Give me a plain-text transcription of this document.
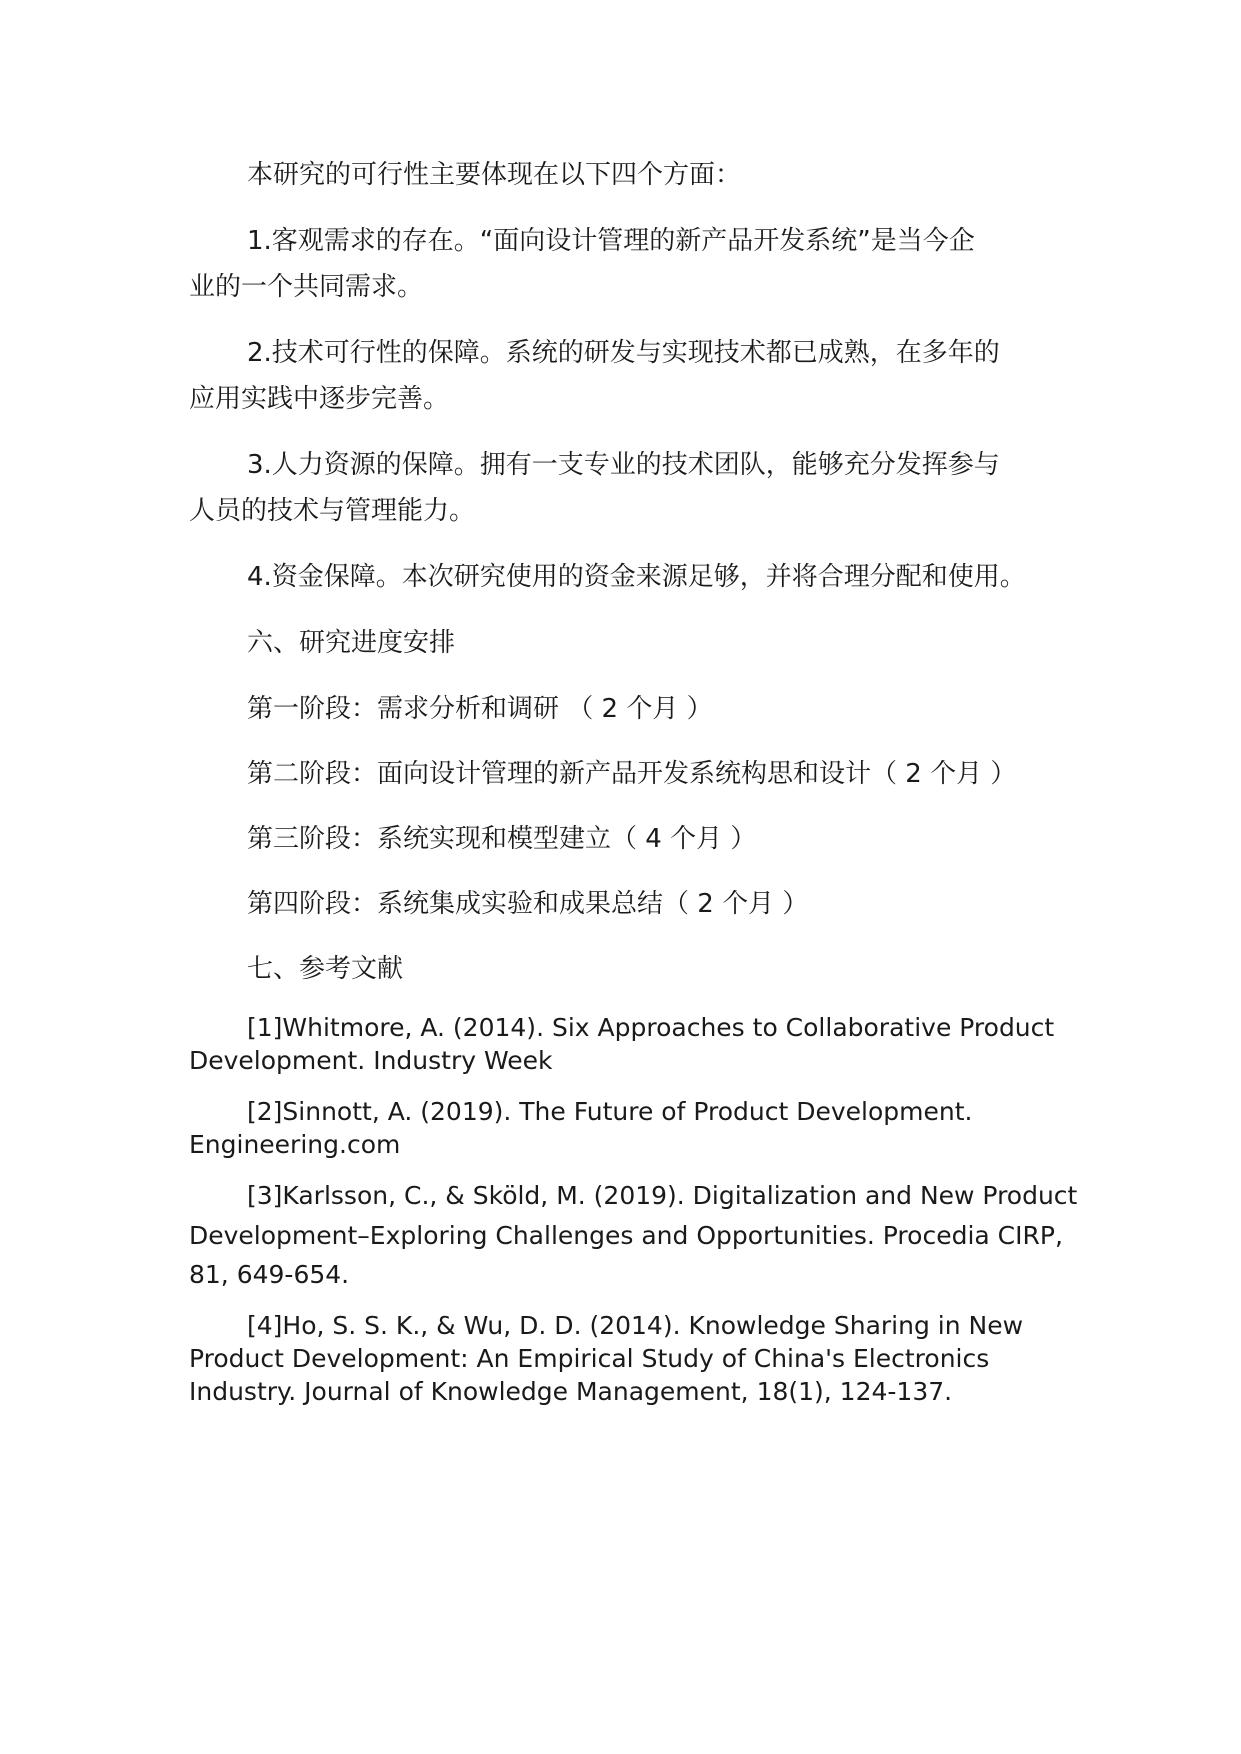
本研究的可行性主要体现在以下四个方面：

1.客观需求的存在。“面向设计管理的新产品开发系统”是当今企

业的一个共同需求。

2.技术可行性的保障。系统的研发与实现技术都已成熟，在多年的

应用实践中逐步完善。

3.人力资源的保障。拥有一支专业的技术团队，能够充分发挥参与

人员的技术与管理能力。

4.资金保障。本次研究使用的资金来源足够，并将合理分配和使用。

六、研究进度安排

第一阶段：需求分析和调研 （ 2 个月 ）

第二阶段：面向设计管理的新产品开发系统构思和设计（ 2 个月 ）

第三阶段：系统实现和模型建立（ 4 个月 ）

第四阶段：系统集成实验和成果总结（ 2 个月 ）

七、参考文献

[1]Whitmore, A. (2014). Six Approaches to Collaborative Product

Development. Industry Week

[2]Sinnott, A. (2019). The Future of Product Development.

Engineering.com

[3]Karlsson, C., & Sköld, M. (2019). Digitalization and New Product

Development–Exploring Challenges and Opportunities. Procedia CIRP,

81, 649-654.

[4]Ho, S. S. K., & Wu, D. D. (2014). Knowledge Sharing in New

Product Development: An Empirical Study of China's Electronics

Industry. Journal of Knowledge Management, 18(1), 124-137.
